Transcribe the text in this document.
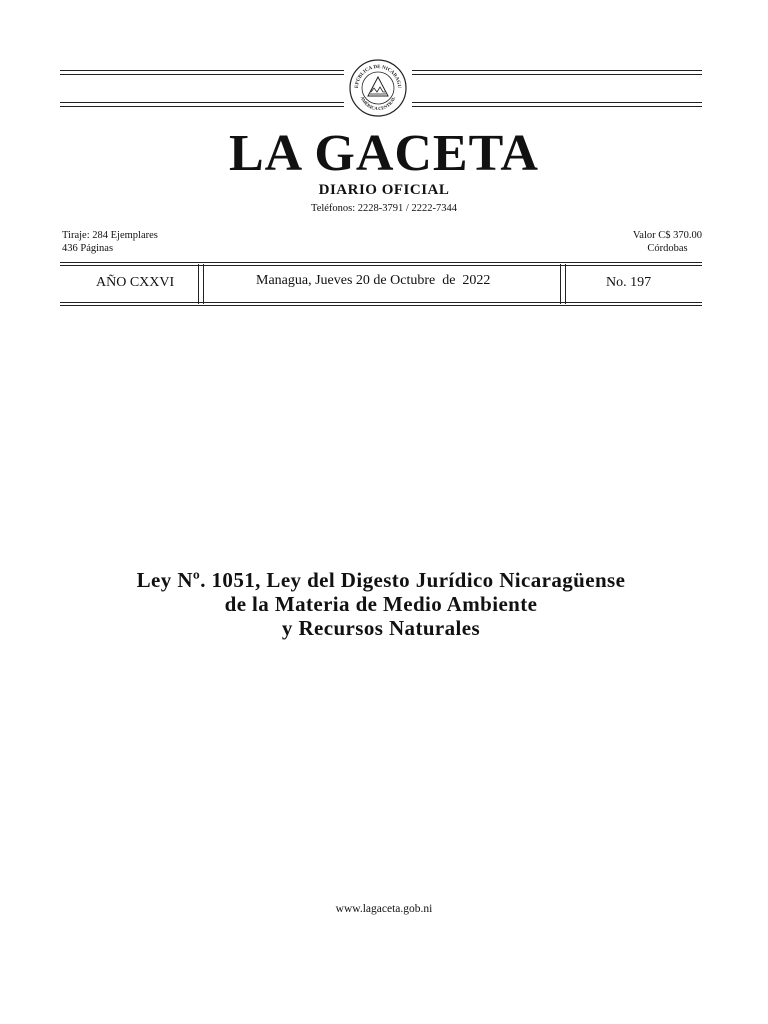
EPÚBLICA DE NICARAGU
AMÉRICA CENTRAL
LA GACETA
DIARIO OFICIAL
Teléfonos: 2228-3791 / 2222-7344
Tiraje: 284 Ejemplares
436 Páginas
Valor C$ 370.00
Córdobas
AÑO CXXVI	Managua, Jueves 20 de Octubre  de  2022	No. 197
Ley Nº. 1051, Ley del Digesto Jurídico Nicaragüense
de la Materia de Medio Ambiente
y Recursos Naturales
www.lagaceta.gob.ni
